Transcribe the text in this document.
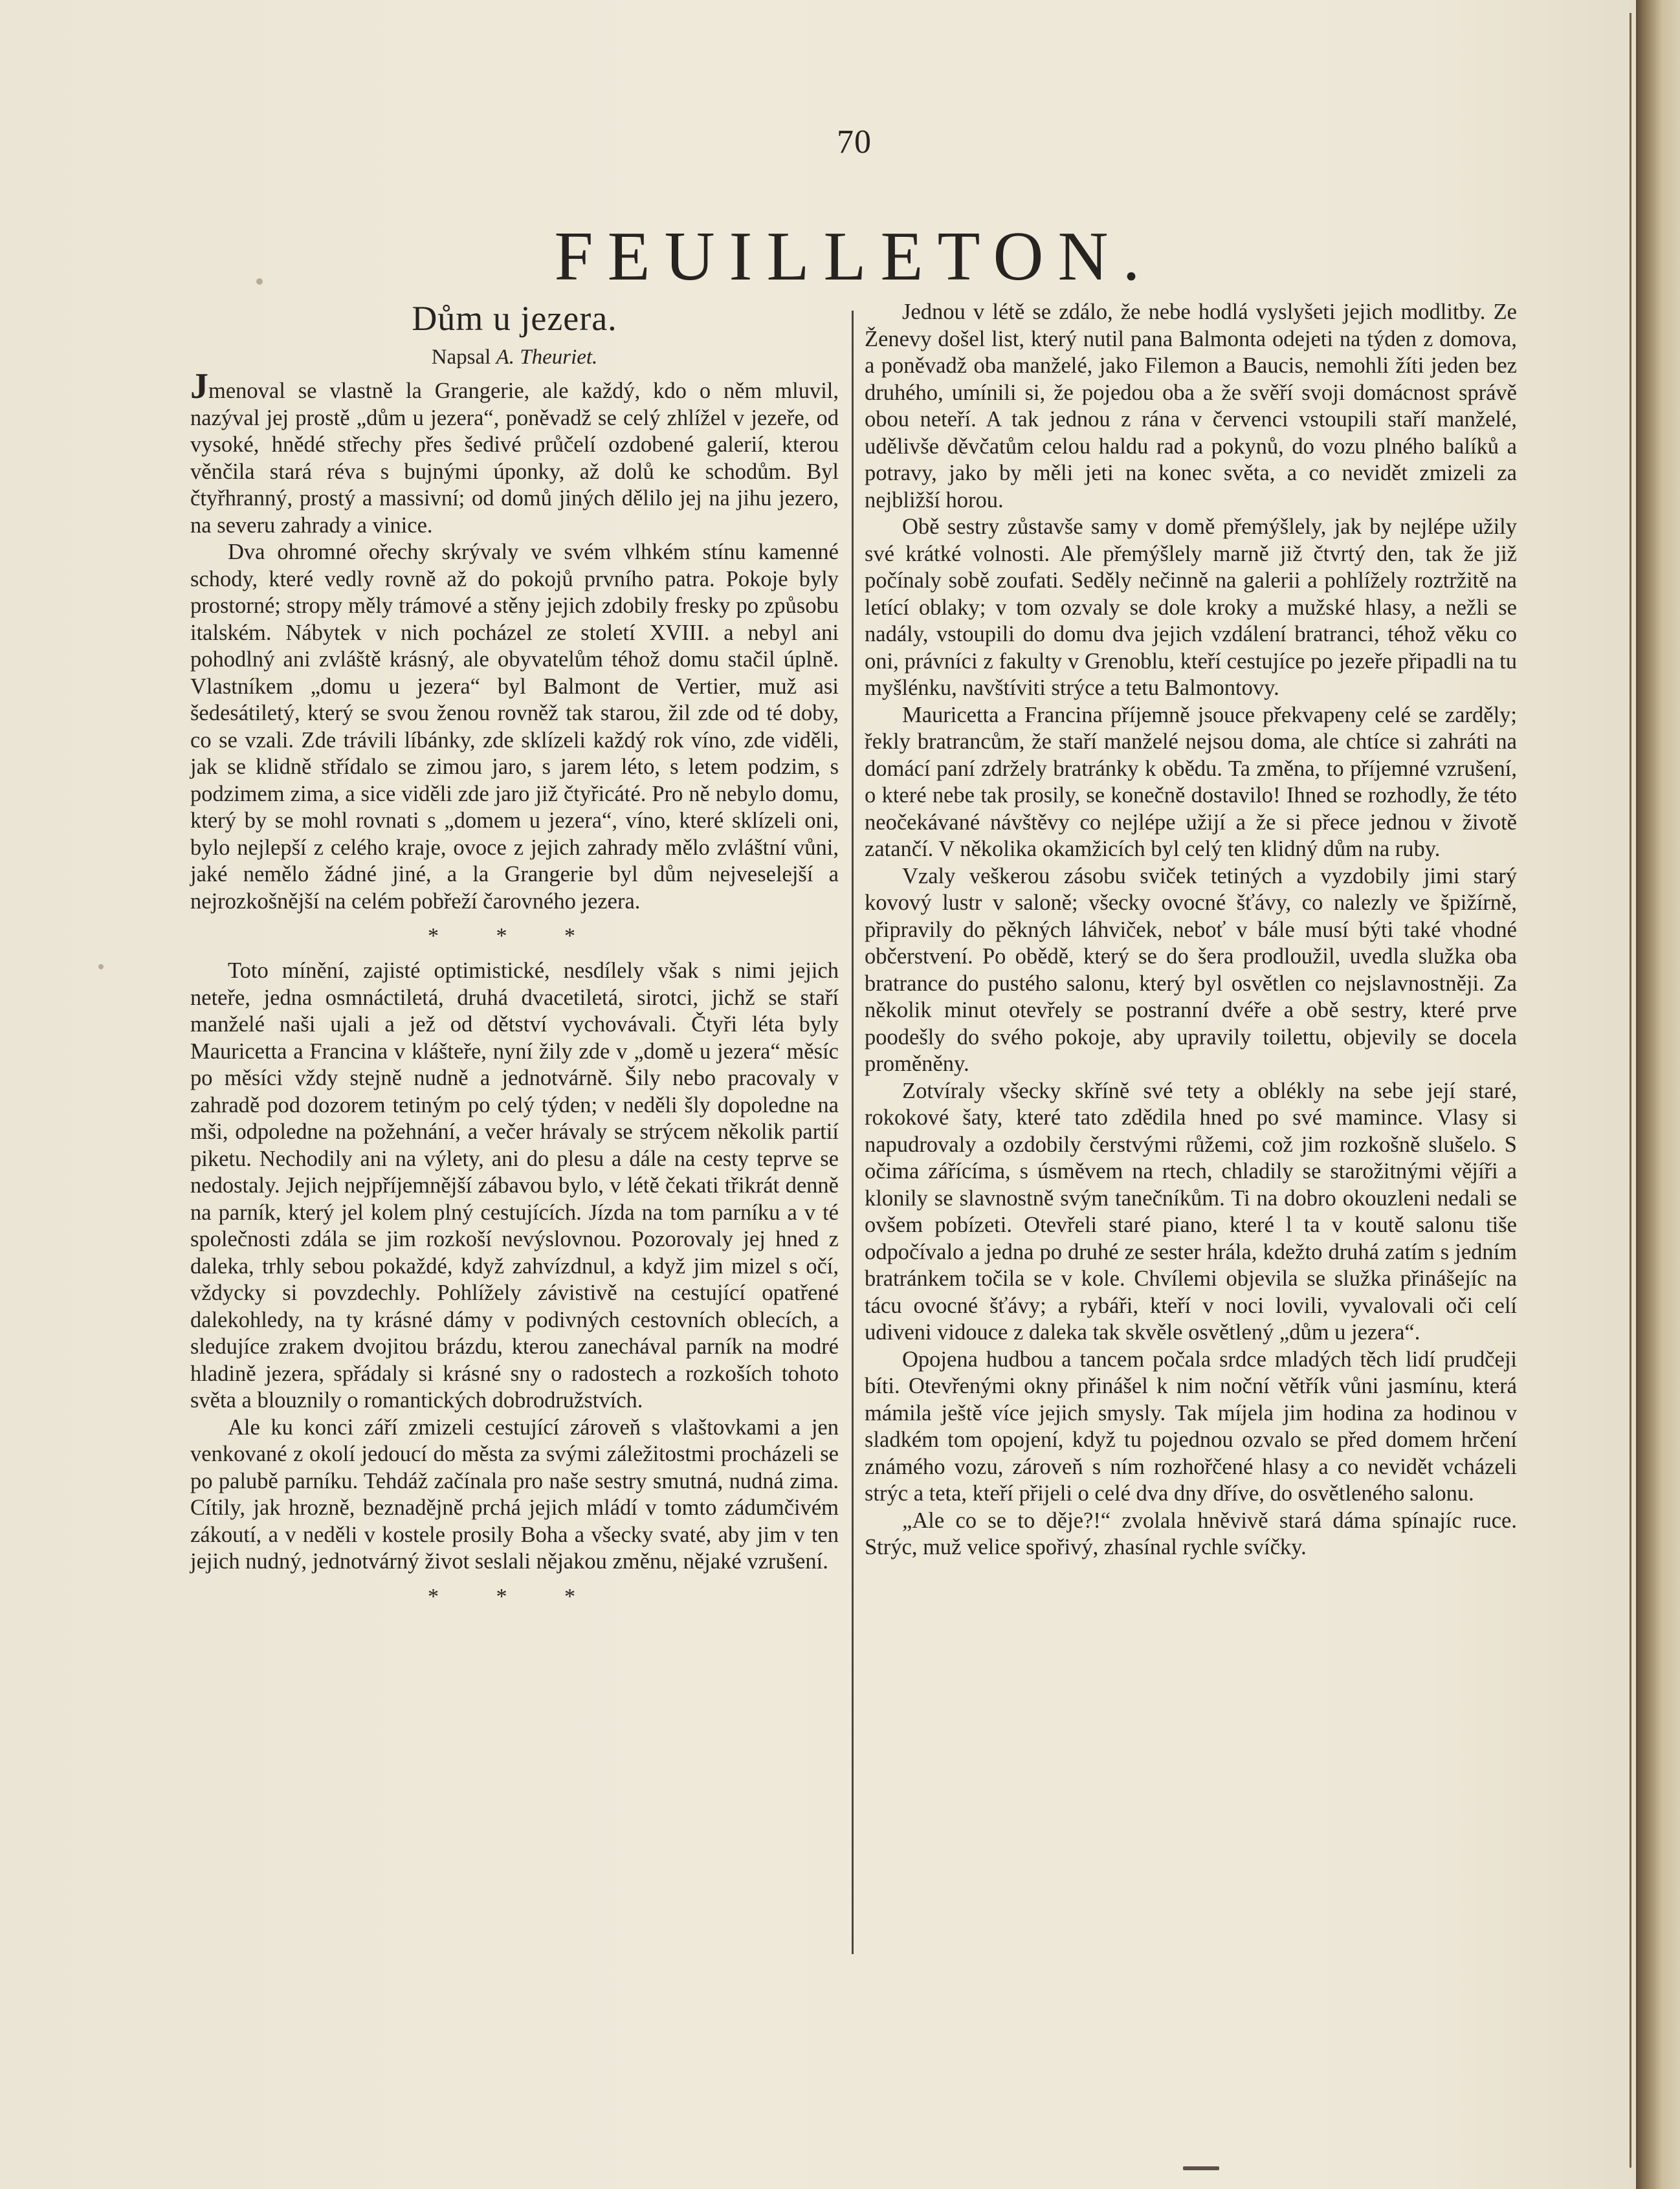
70
FEUILLETON.
Dům u jezera.
Napsal A. Theuriet.

Jmenoval se vlastně la Grangerie, ale každý, kdo o něm mluvil, nazýval jej prostě „dům u jezera“, poněvadž se celý zhlížel v jezeře, od vysoké, hnědé střechy přes šedivé průčelí ozdobené galerií, kterou věnčila stará réva s bujnými úponky, až dolů ke schodům. Byl čtyřhranný, prostý a massivní; od domů jiných dělilo jej na jihu jezero, na severu zahrady a vinice.

Dva ohromné ořechy skrývaly ve svém vlhkém stínu kamenné schody, které vedly rovně až do pokojů prvního patra. Pokoje byly prostorné; stropy měly trámové a stěny jejich zdobily fresky po způsobu italském. Nábytek v nich pocházel ze století XVIII. a nebyl ani pohodlný ani zvláště krásný, ale obyvatelům téhož domu stačil úplně. Vlastníkem „domu u jezera“ byl Balmont de Vertier, muž asi šedesátiletý, který se svou ženou rovněž tak starou, žil zde od té doby, co se vzali. Zde trávili líbánky, zde sklízeli každý rok víno, zde viděli, jak se klidně střídalo se zimou jaro, s jarem léto, s letem podzim, s podzimem zima, a sice viděli zde jaro již čtyřicáté. Pro ně nebylo domu, který by se mohl rovnati s „domem u jezera“, víno, které sklízeli oni, bylo nejlepší z celého kraje, ovoce z jejich zahrady mělo zvláštní vůni, jaké nemělo žádné jiné, a la Grangerie byl dům nejveselejší a nejrozkošnější na celém pobřeží čarovného jezera.

* * *

Toto mínění, zajisté optimistické, nesdílely však s nimi jejich neteře, jedna osmnáctiletá, druhá dvacetiletá, sirotci, jichž se staří manželé naši ujali a jež od dětství vychovávali. Čtyři léta byly Mauricetta a Francina v klášteře, nyní žily zde v „domě u jezera“ měsíc po měsíci vždy stejně nudně a jednotvárně. Šily nebo pracovaly v zahradě pod dozorem tetiným po celý týden; v neděli šly dopoledne na mši, odpoledne na požehnání, a večer hrávaly se strýcem několik partií piketu. Nechodily ani na výlety, ani do plesu a dále na cesty teprve se nedostaly. Jejich nejpříjemnější zábavou bylo, v létě čekati třikrát denně na parník, který jel kolem plný cestujících. Jízda na tom parníku a v té společnosti zdála se jim rozkoší nevýslovnou. Pozorovaly jej hned z daleka, trhly sebou pokaždé, když zahvízdnul, a když jim mizel s očí, vždycky si povzdechly. Pohlížely závistivě na cestující opatřené dalekohledy, na ty krásné dámy v podivných cestovních oblecích, a sledujíce zrakem dvojitou brázdu, kterou zanechával parník na modré hladině jezera, spřádaly si krásné sny o radostech a rozkoších tohoto světa a blouznily o romantických dobrodružstvích.

Ale ku konci září zmizeli cestující zároveň s vlaštovkami a jen venkované z okolí jedoucí do města za svými záležitostmi procházeli se po palubě parníku. Tehdáž začínala pro naše sestry smutná, nudná zima. Cítily, jak hrozně, beznadějně prchá jejich mládí v tomto zádumčivém zákoutí, a v neděli v kostele prosily Boha a všecky svaté, aby jim v ten jejich nudný, jednotvárný život seslali nějakou změnu, nějaké vzrušení.

* * *

Jednou v létě se zdálo, že nebe hodlá vyslyšeti jejich modlitby. Ze Ženevy došel list, který nutil pana Balmonta odejeti na týden z domova, a poněvadž oba manželé, jako Filemon a Baucis, nemohli žíti jeden bez druhého, umínili si, že pojedou oba a že svěří svoji domácnost správě obou neteří. A tak jednou z rána v červenci vstoupili staří manželé, udělivše děvčatům celou haldu rad a pokynů, do vozu plného balíků a potravy, jako by měli jeti na konec světa, a co nevidět zmizeli za nejbližší horou.

Obě sestry zůstavše samy v domě přemýšlely, jak by nejlépe užily své krátké volnosti. Ale přemýšlely marně již čtvrtý den, tak že již počínaly sobě zoufati. Seděly nečinně na galerii a pohlížely roztržitě na letící oblaky; v tom ozvaly se dole kroky a mužské hlasy, a nežli se nadály, vstoupili do domu dva jejich vzdálení bratranci, téhož věku co oni, právníci z fakulty v Grenoblu, kteří cestujíce po jezeře připadli na tu myšlénku, navštíviti strýce a tetu Balmontovy.

Mauricetta a Francina příjemně jsouce překvapeny celé se zarděly; řekly bratrancům, že staří manželé nejsou doma, ale chtíce si zahráti na domácí paní zdržely bratránky k obědu. Ta změna, to příjemné vzrušení, o které nebe tak prosily, se konečně dostavilo! Ihned se rozhodly, že této neočekávané návštěvy co nejlépe užijí a že si přece jednou v životě zatančí. V několika okamžicích byl celý ten klidný dům na ruby.

Vzaly veškerou zásobu sviček tetiných a vyzdobily jimi starý kovový lustr v saloně; všecky ovocné šťávy, co nalezly ve špižírně, připravily do pěkných láhviček, neboť v bále musí býti také vhodné občerstvení. Po obědě, který se do šera prodloužil, uvedla služka oba bratrance do pustého salonu, který byl osvětlen co nejslavnostněji. Za několik minut otevřely se postranní dvéře a obě sestry, které prve poodešly do svého pokoje, aby upravily toilettu, objevily se docela proměněny.

Zotvíraly všecky skříně své tety a oblékly na sebe její staré, rokokové šaty, které tato zdědila hned po své mamince. Vlasy si napudrovaly a ozdobily čerstvými růžemi, což jim rozkošně slušelo. S očima zářícíma, s úsměvem na rtech, chladily se starožitnými vějíři a klonily se slavnostně svým tanečníkům. Ti na dobro okouzleni nedali se ovšem pobízeti. Otevřeli staré piano, které l ta v koutě salonu tiše odpočívalo a jedna po druhé ze sester hrála, kdežto druhá zatím s jedním bratránkem točila se v kole. Chvílemi objevila se služka přinášejíc na tácu ovocné šťávy; a rybáři, kteří v noci lovili, vyvalovali oči celí udiveni vidouce z daleka tak skvěle osvětlený „dům u jezera“.

Opojena hudbou a tancem počala srdce mladých těch lidí prudčeji bíti. Otevřenými okny přinášel k nim noční větřík vůni jasmínu, která mámila ještě více jejich smysly. Tak míjela jim hodina za hodinou v sladkém tom opojení, když tu pojednou ozvalo se před domem hrčení známého vozu, zároveň s ním rozhořčené hlasy a co nevidět vcházeli strýc a teta, kteří přijeli o celé dva dny dříve, do osvětleného salonu.

„Ale co se to děje?!“ zvolala hněvivě stará dáma spínajíc ruce. Strýc, muž velice spořivý, zhasínal rychle svíčky.
